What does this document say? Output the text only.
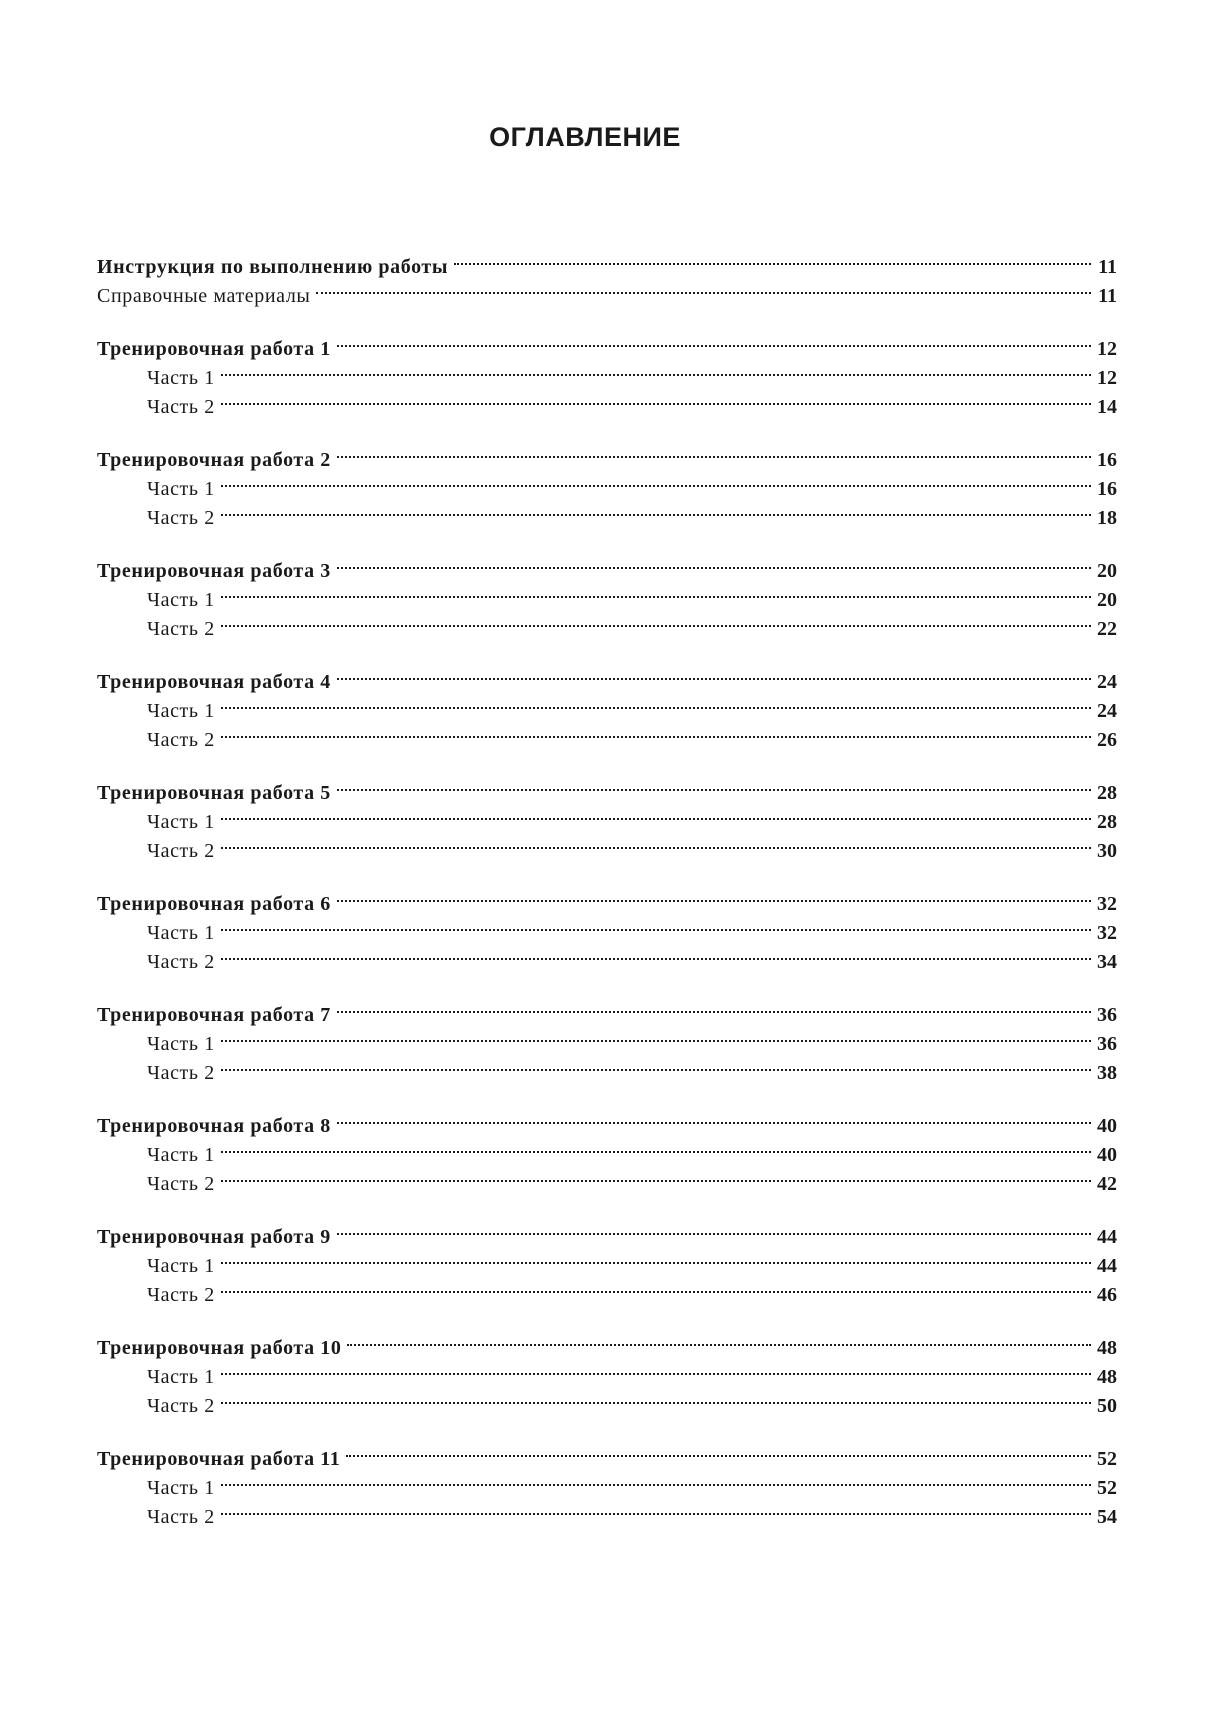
ОГЛАВЛЕНИЕ
Инструкция по выполнению работы	11
Справочные материалы	11
Тренировочная работа 1	12
Часть 1	12
Часть 2	14
Тренировочная работа 2	16
Часть 1	16
Часть 2	18
Тренировочная работа 3	20
Часть 1	20
Часть 2	22
Тренировочная работа 4	24
Часть 1	24
Часть 2	26
Тренировочная работа 5	28
Часть 1	28
Часть 2	30
Тренировочная работа 6	32
Часть 1	32
Часть 2	34
Тренировочная работа 7	36
Часть 1	36
Часть 2	38
Тренировочная работа 8	40
Часть 1	40
Часть 2	42
Тренировочная работа 9	44
Часть 1	44
Часть 2	46
Тренировочная работа 10	48
Часть 1	48
Часть 2	50
Тренировочная работа 11	52
Часть 1	52
Часть 2	54
